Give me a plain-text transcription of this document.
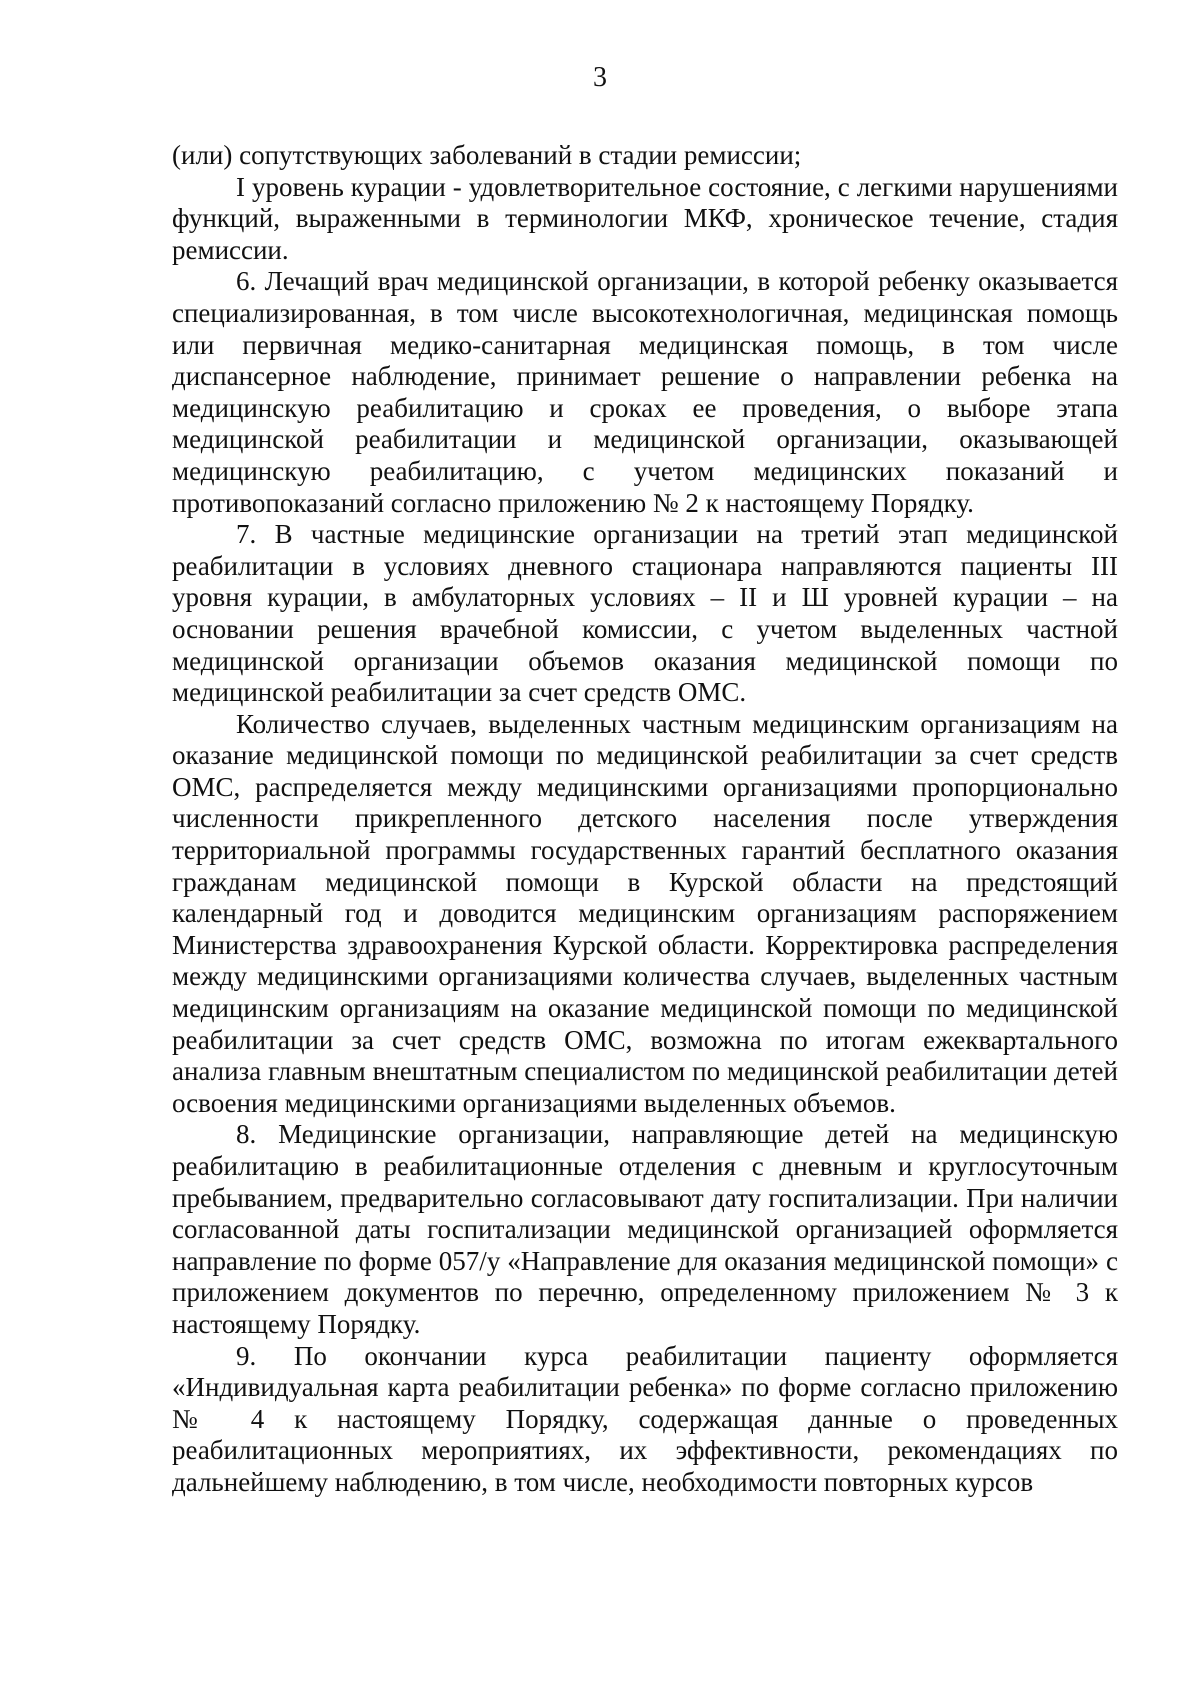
3

(или) сопутствующих заболеваний в стадии ремиссии;

I уровень курации - удовлетворительное состояние, с легкими нарушениями функций, выраженными в терминологии МКФ, хроническое течение, стадия ремиссии.

6. Лечащий врач медицинской организации, в которой ребенку оказывается специализированная, в том числе высокотехнологичная, медицинская помощь или первичная медико-санитарная медицинская помощь, в том числе диспансерное наблюдение, принимает решение о направлении ребенка на медицинскую реабилитацию и сроках ее проведения, о выборе этапа медицинской реабилитации и медицинской организации, оказывающей медицинскую реабилитацию, с учетом медицинских показаний и противопоказаний согласно приложению № 2 к настоящему Порядку.

7. В частные медицинские организации на третий этап медицинской реабилитации в условиях дневного стационара направляются пациенты III уровня курации, в амбулаторных условиях – II и Ш уровней курации – на основании решения врачебной комиссии, с учетом выделенных частной медицинской организации объемов оказания медицинской помощи по медицинской реабилитации за счет средств ОМС.

Количество случаев, выделенных частным медицинским организациям на оказание медицинской помощи по медицинской реабилитации за счет средств ОМС, распределяется между медицинскими организациями пропорционально численности прикрепленного детского населения после утверждения территориальной программы государственных гарантий бесплатного оказания гражданам медицинской помощи в Курской области на предстоящий календарный год и доводится медицинским организациям распоряжением Министерства здравоохранения Курской области. Корректировка распределения между медицинскими организациями количества случаев, выделенных частным медицинским организациям на оказание медицинской помощи по медицинской реабилитации за счет средств ОМС, возможна по итогам ежеквартального анализа главным внештатным специалистом по медицинской реабилитации детей освоения медицинскими организациями выделенных объемов.

8. Медицинские организации, направляющие детей на медицинскую реабилитацию в реабилитационные отделения с дневным и круглосуточным пребыванием, предварительно согласовывают дату госпитализации. При наличии согласованной даты госпитализации медицинской организацией оформляется направление по форме 057/у «Направление для оказания медицинской помощи» с приложением документов по перечню, определенному приложением № 3 к настоящему Порядку.

9. По окончании курса реабилитации пациенту оформляется «Индивидуальная карта реабилитации ребенка» по форме согласно приложению № 4 к настоящему Порядку, содержащая данные о проведенных реабилитационных мероприятиях, их эффективности, рекомендациях по дальнейшему наблюдению, в том числе, необходимости повторных курсов
